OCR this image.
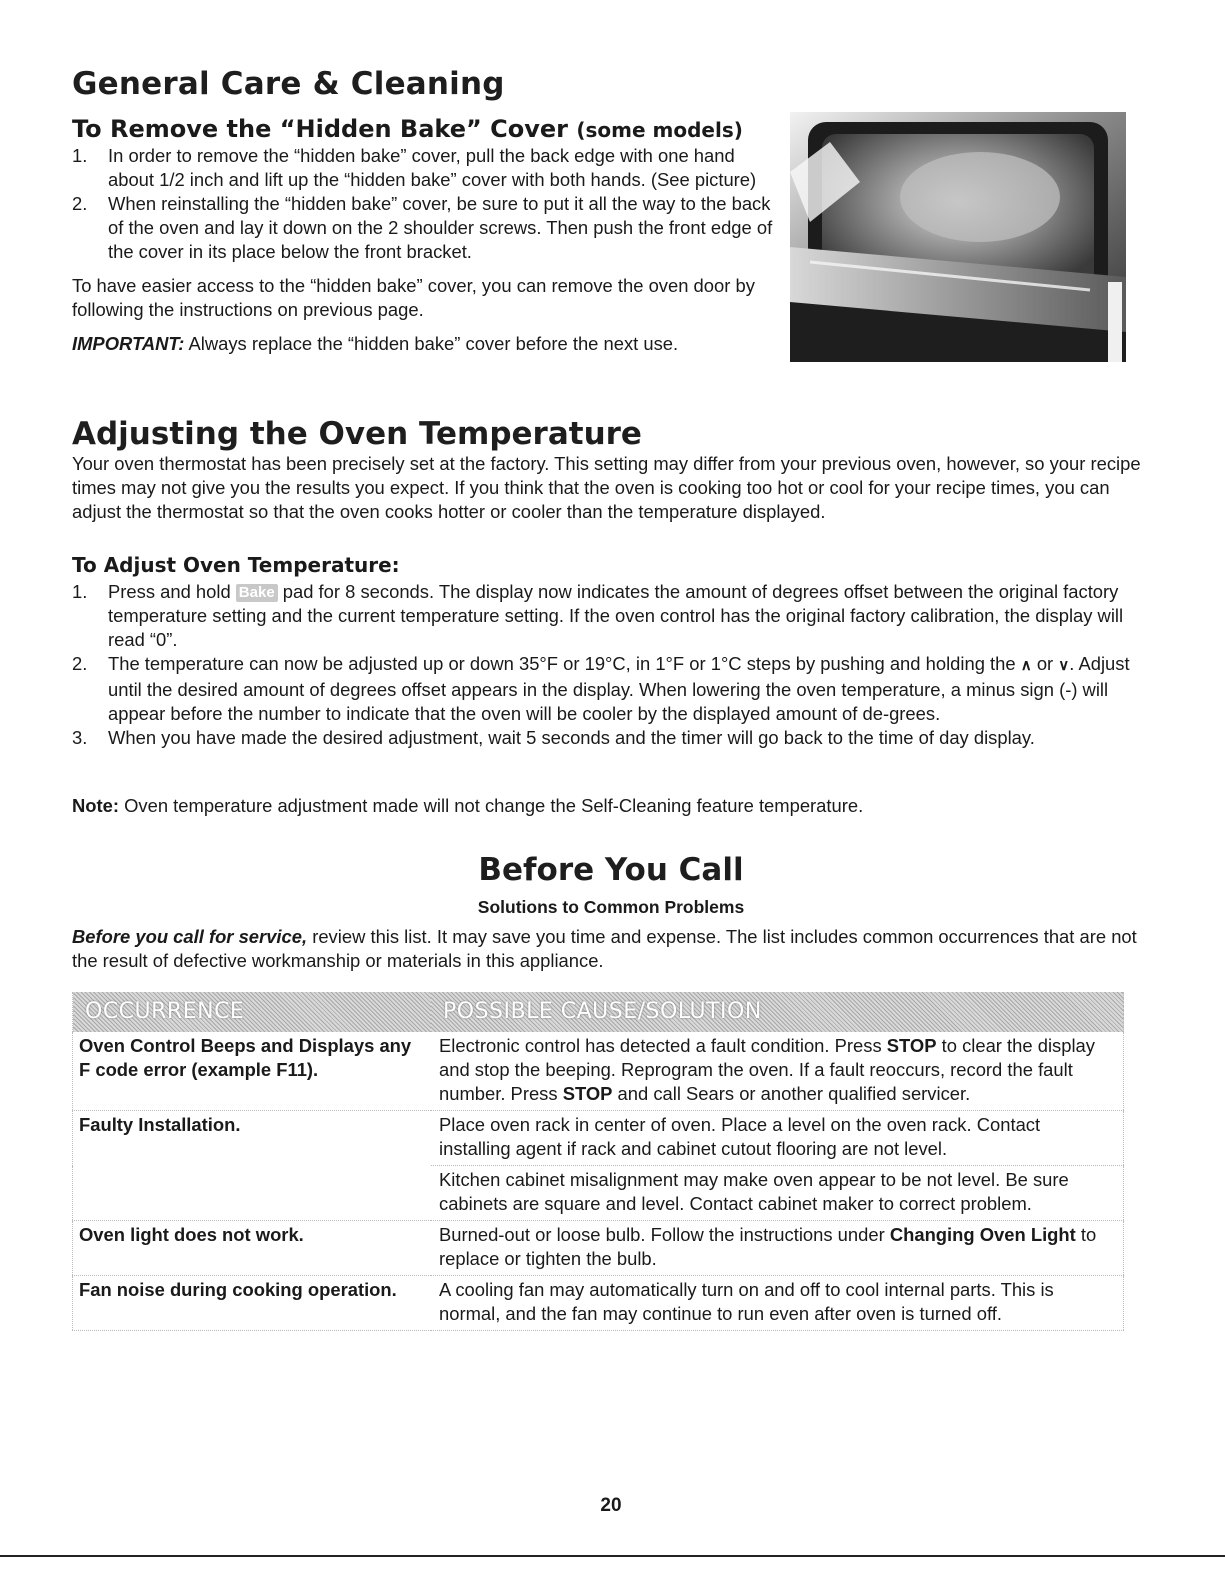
General Care & Cleaning
To Remove the “Hidden Bake” Cover (some models)
1. In order to remove the “hidden bake” cover, pull the back edge with one hand about 1/2 inch and lift up the “hidden bake” cover with both hands. (See picture)
2. When reinstalling the “hidden bake” cover, be sure to put it all the way to the back of the oven and lay it down on the 2 shoulder screws. Then push the front edge of the cover in its place below the front bracket.

To have easier access to the “hidden bake” cover, you can remove the oven door by following the instructions on previous page.

IMPORTANT: Always replace the “hidden bake” cover before the next use.

Adjusting the Oven Temperature

Your oven thermostat has been precisely set at the factory. This setting may differ from your previous oven, however, so your recipe times may not give you the results you expect. If you think that the oven is cooking too hot or cool for your recipe times, you can adjust the thermostat so that the oven cooks hotter or cooler than the temperature displayed.

To Adjust Oven Temperature:
1. Press and hold Bake pad for 8 seconds. The display now indicates the amount of degrees offset between the original factory temperature setting and the current temperature setting. If the oven control has the original factory calibration, the display will read “0”.
2. The temperature can now be adjusted up or down 35°F or 19°C, in 1°F or 1°C steps by pushing and holding the ∧ or ∨. Adjust until the desired amount of degrees offset appears in the display. When lowering the oven temperature, a minus sign (-) will appear before the number to indicate that the oven will be cooler by the displayed amount of de-grees.
3. When you have made the desired adjustment, wait 5 seconds and the timer will go back to the time of day display.

Note: Oven temperature adjustment made will not change the Self-Cleaning feature temperature.

Before You Call
Solutions to Common Problems

Before you call for service, review this list. It may save you time and expense. The list includes common occurrences that are not the result of defective workmanship or materials in this appliance.

OCCURRENCE	POSSIBLE CAUSE/SOLUTION
Oven Control Beeps and Displays any F code error (example F11).	Electronic control has detected a fault condition. Press STOP to clear the display and stop the beeping. Reprogram the oven. If a fault reoccurs, record the fault number. Press STOP and call Sears or another qualified servicer.
Faulty Installation.	Place oven rack in center of oven. Place a level on the oven rack. Contact installing agent if rack and cabinet cutout flooring are not level.
	Kitchen cabinet misalignment may make oven appear to be not level. Be sure cabinets are square and level. Contact cabinet maker to correct problem.
Oven light does not work.	Burned-out or loose bulb. Follow the instructions under Changing Oven Light to replace or tighten the bulb.
Fan noise during cooking operation.	A cooling fan may automatically turn on and off to cool internal parts. This is normal, and the fan may continue to run even after oven is turned off.

20
